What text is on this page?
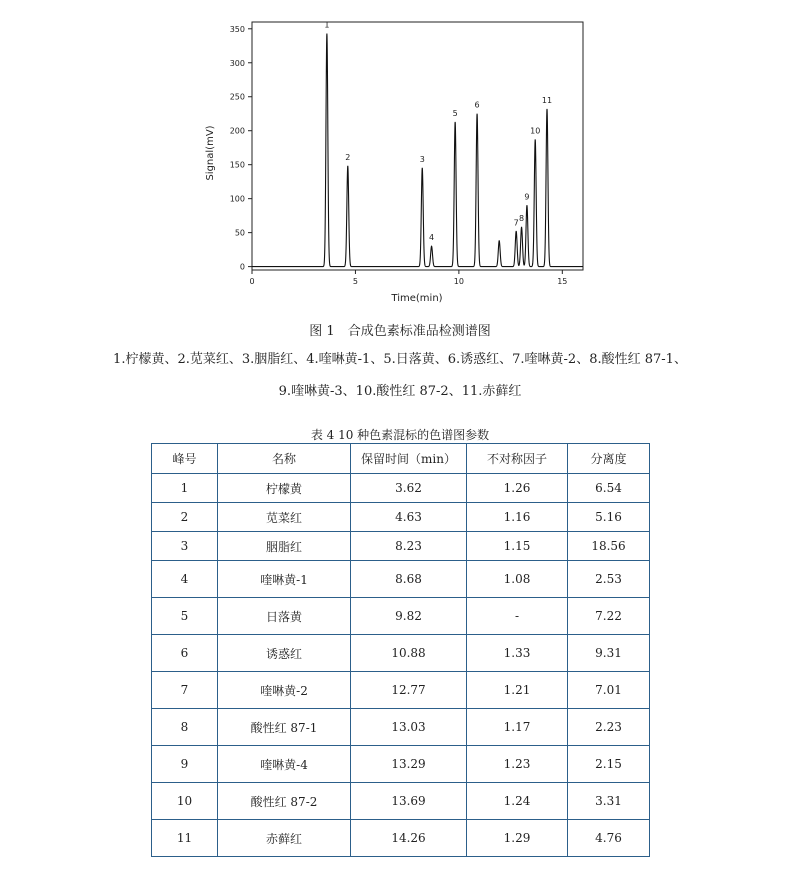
0
50
100
150
200
250
300
350
0	5	10	15
1
2	3
4
5
6
7 8
9
10
11
Time(min)
Signal(mV)
图 1　合成色素标准品检测谱图
1.柠檬黄、2.苋菜红、3.胭脂红、4.喹啉黄-1、5.日落黄、6.诱惑红、7.喹啉黄-2、8.酸性红 87-1、
9.喹啉黄-3、10.酸性红 87-2、11.赤藓红
表 4 10 种色素混标的色谱图参数
峰号	名称	保留时间（min）	不对称因子	分离度
1	柠檬黄	3.62	1.26	6.54
2	苋菜红	4.63	1.16	5.16
3	胭脂红	8.23	1.15	18.56
4	喹啉黄-1	8.68	1.08	2.53
5	日落黄	9.82	-	7.22
6	诱惑红	10.88	1.33	9.31
7	喹啉黄-2	12.77	1.21	7.01
8	酸性红 87-1	13.03	1.17	2.23
9	喹啉黄-4	13.29	1.23	2.15
10	酸性红 87-2	13.69	1.24	3.31
11	赤藓红	14.26	1.29	4.76
